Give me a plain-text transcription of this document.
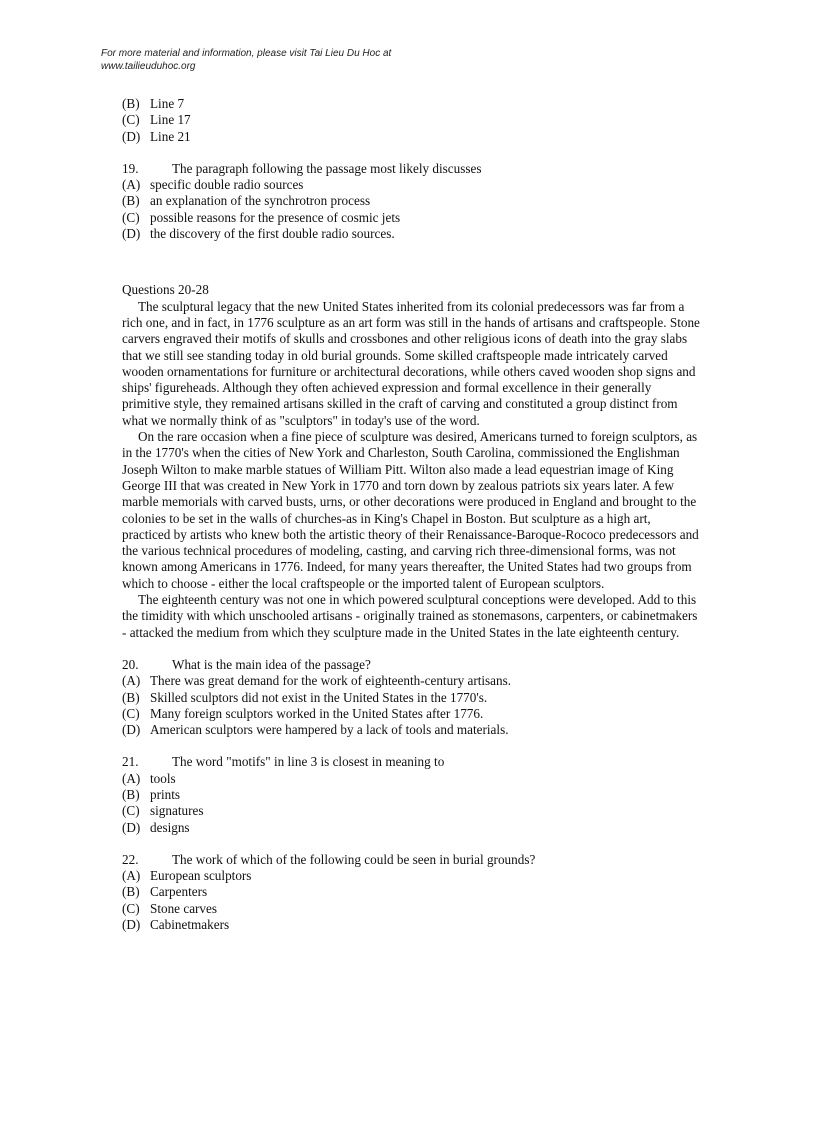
For more material and information, please visit Tai Lieu Du Hoc at
www.tailieuduhoc.org
(B) Line 7
(C) Line 17
(D) Line 21
19.	The paragraph following the passage most likely discusses
(A) specific double radio sources
(B) an explanation of the synchrotron process
(C) possible reasons for the presence of cosmic jets
(D) the discovery of the first double radio sources.
Questions 20-28
The sculptural legacy that the new United States inherited from its colonial predecessors was far from a rich one, and in fact, in 1776 sculpture as an art form was still in the hands of artisans and craftspeople. Stone carvers engraved their motifs of skulls and crossbones and other religious icons of death into the gray slabs that we still see standing today in old burial grounds. Some skilled craftspeople made intricately carved wooden ornamentations for furniture or architectural decorations, while others caved wooden shop signs and ships' figureheads. Although they often achieved expression and formal excellence in their generally primitive style, they remained artisans skilled in the craft of carving and constituted a group distinct from what we normally think of as "sculptors" in today's use of the word.
On the rare occasion when a fine piece of sculpture was desired, Americans turned to foreign sculptors, as in the 1770's when the cities of New York and Charleston, South Carolina, commissioned the Englishman Joseph Wilton to make marble statues of William Pitt. Wilton also made a lead equestrian image of King George III that was created in New York in 1770 and torn down by zealous patriots six years later. A few marble memorials with carved busts, urns, or other decorations were produced in England and brought to the colonies to be set in the walls of churches-as in King's Chapel in Boston. But sculpture as a high art, practiced by artists who knew both the artistic theory of their Renaissance-Baroque-Rococo predecessors and the various technical procedures of modeling, casting, and carving rich three-dimensional forms, was not known among Americans in 1776. Indeed, for many years thereafter, the United States had two groups from which to choose - either the local craftspeople or the imported talent of European sculptors.
The eighteenth century was not one in which powered sculptural conceptions were developed. Add to this the timidity with which unschooled artisans - originally trained as stonemasons, carpenters, or cabinetmakers - attacked the medium from which they sculpture made in the United States in the late eighteenth century.
20.	What is the main idea of the passage?
(A) There was great demand for the work of eighteenth-century artisans.
(B) Skilled sculptors did not exist in the United States in the 1770's.
(C) Many foreign sculptors worked in the United States after 1776.
(D) American sculptors were hampered by a lack of tools and materials.
21.	The word "motifs" in line 3 is closest in meaning to
(A) tools
(B) prints
(C) signatures
(D) designs
22.	The work of which of the following could be seen in burial grounds?
(A) European sculptors
(B) Carpenters
(C) Stone carves
(D) Cabinetmakers
